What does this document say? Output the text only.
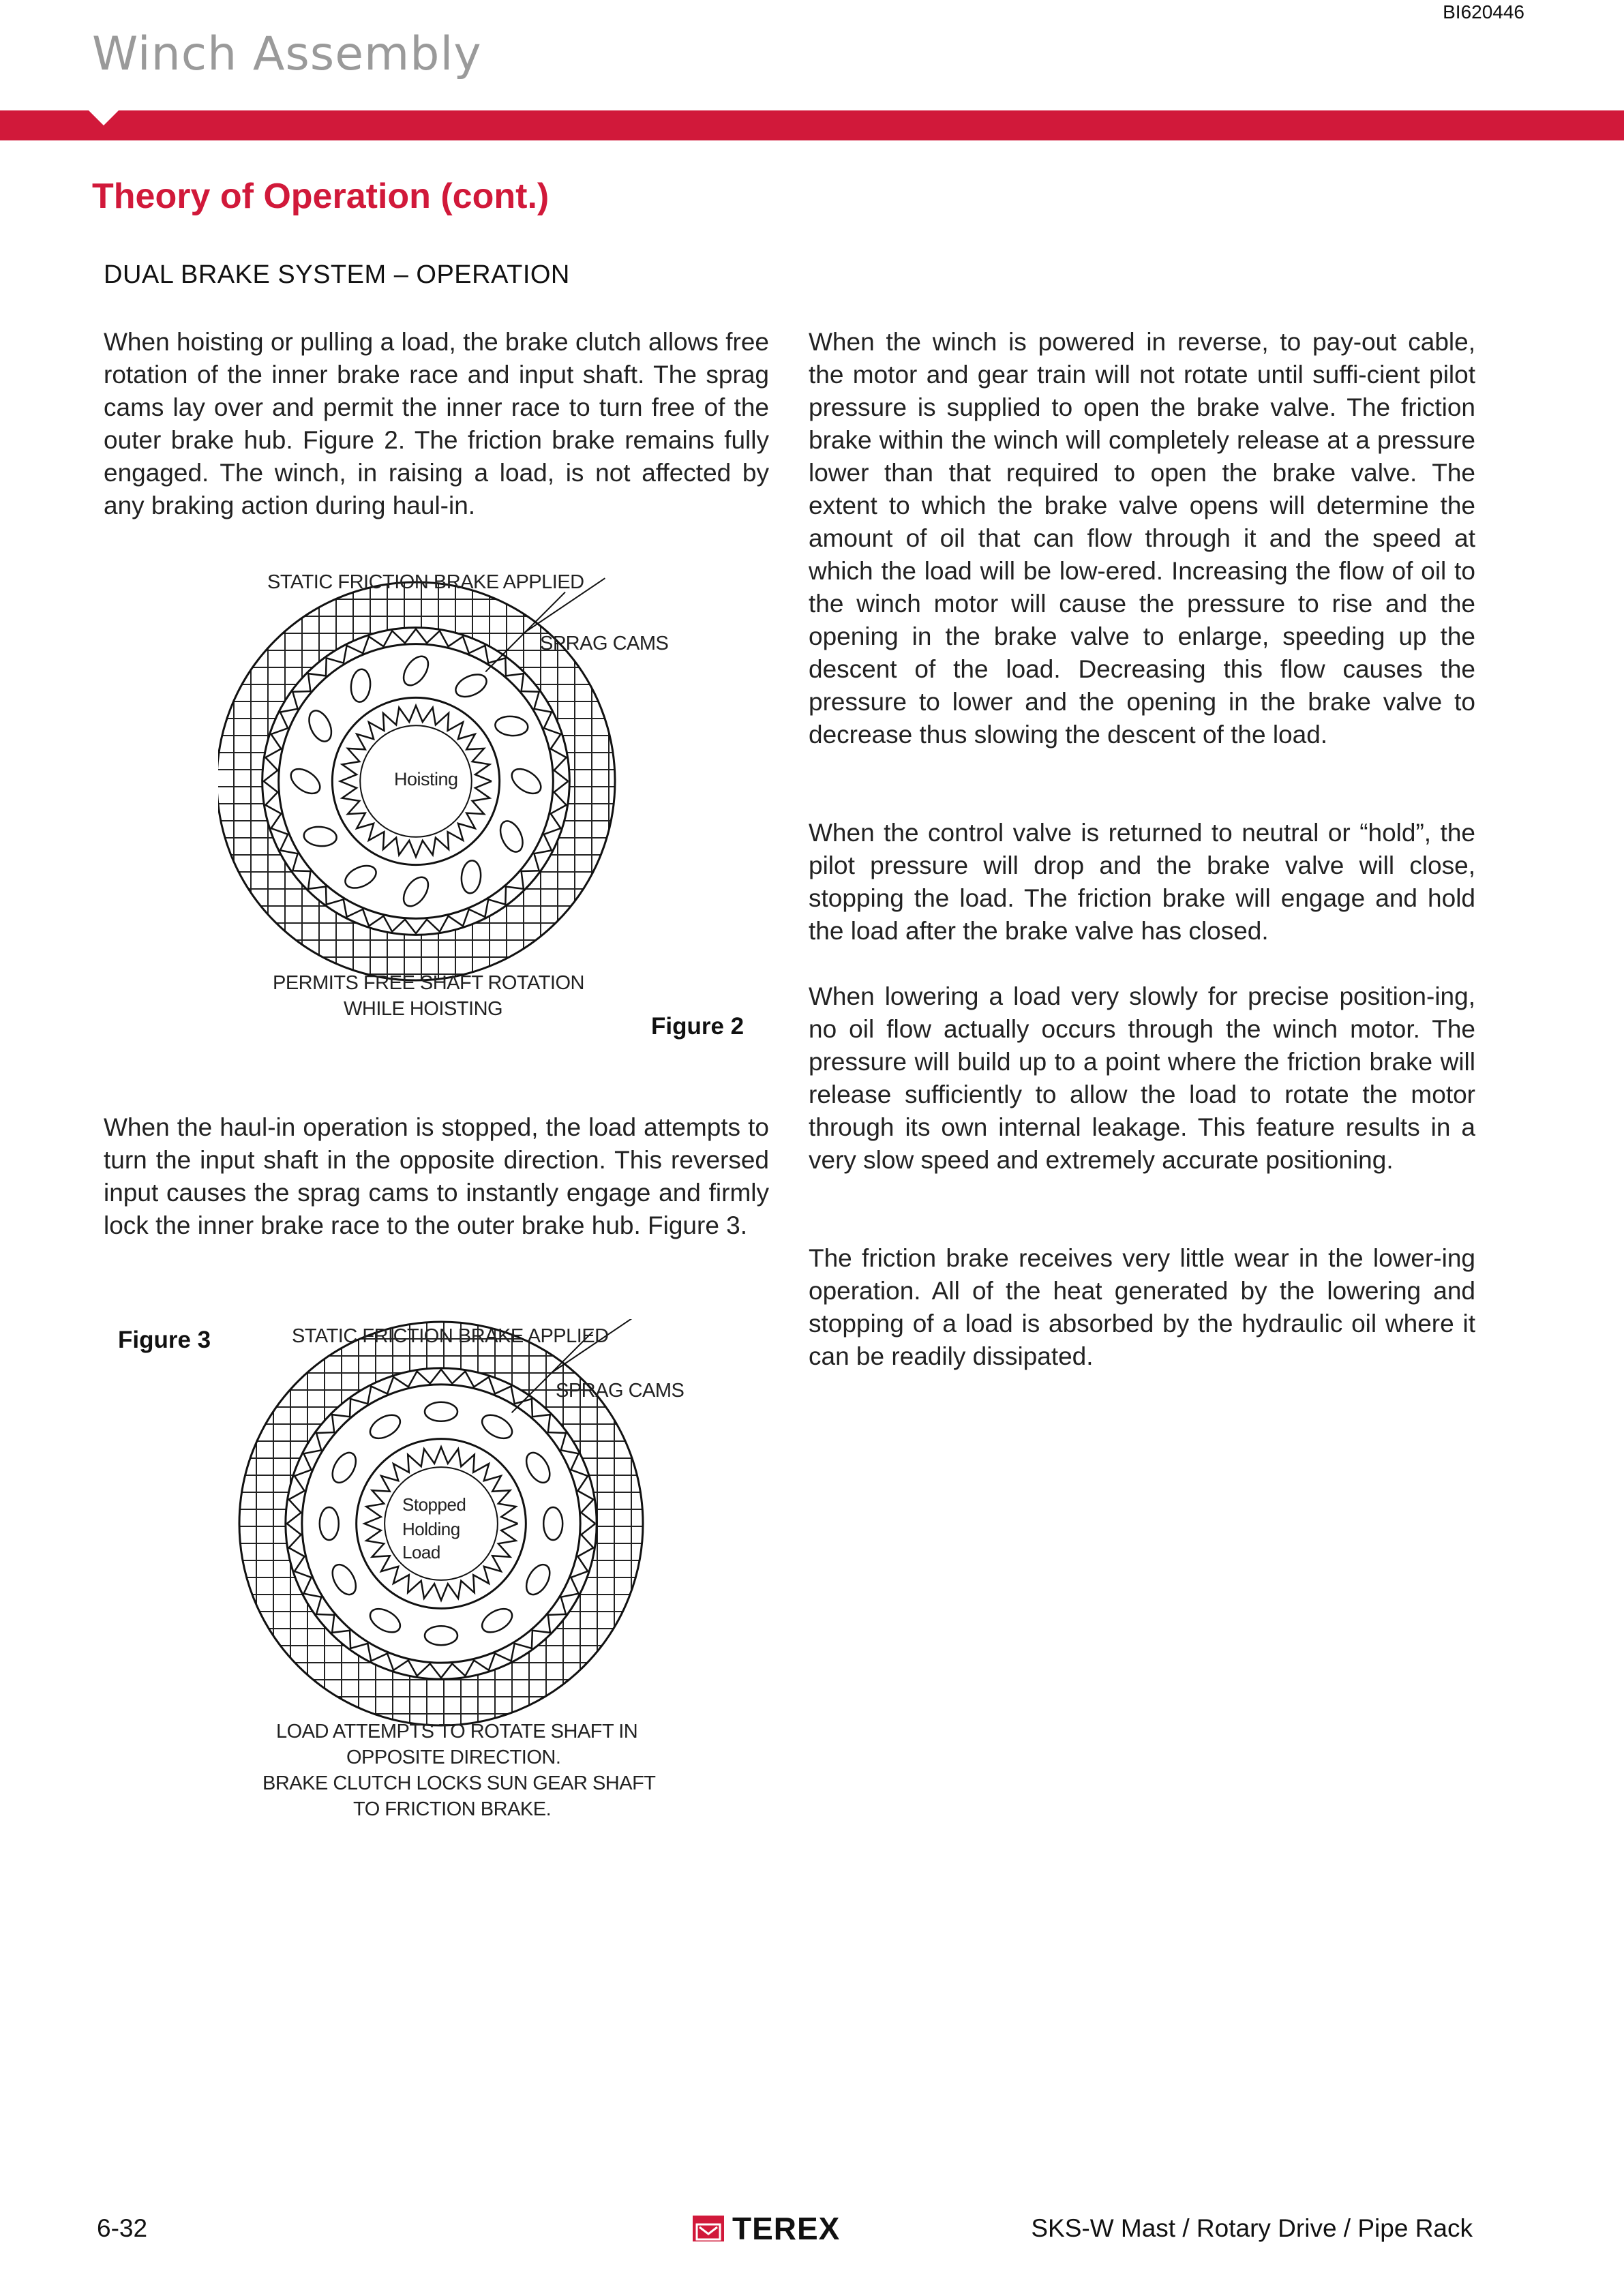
BI620446
Winch Assembly
Theory of Operation (cont.)
DUAL BRAKE SYSTEM – OPERATION

When hoisting or pulling a load, the brake clutch allows free rotation of the inner brake race and input shaft. The sprag cams lay over and permit the inner race to turn free of the outer brake hub. Figure 2. The friction brake remains fully engaged. The winch, in raising a load, is not affected by any braking action during haul-in.

STATIC FRICTION BRAKE APPLIED
SPRAG CAMS
Hoisting
PERMITS FREE SHAFT ROTATION
WHILE HOISTING
Figure 2

When the haul-in operation is stopped, the load attempts to turn the input shaft in the opposite direction. This reversed input causes the sprag cams to instantly engage and firmly lock the inner brake race to the outer brake hub. Figure 3.

Figure 3	STATIC FRICTION BRAKE APPLIED
SPRAG CAMS
Stopped
Holding
Load
LOAD ATTEMPTS TO ROTATE SHAFT IN
OPPOSITE DIRECTION.
BRAKE CLUTCH LOCKS SUN GEAR SHAFT
TO FRICTION BRAKE.

When the winch is powered in reverse, to pay-out cable, the motor and gear train will not rotate until suffi-cient pilot pressure is supplied to open the brake valve. The friction brake within the winch will completely release at a pressure lower than that required to open the brake valve. The extent to which the brake valve opens will determine the amount of oil that can flow through it and the speed at which the load will be low-ered. Increasing the flow of oil to the winch motor will cause the pressure to rise and the opening in the brake valve to enlarge, speeding up the descent of the load. Decreasing this flow causes the pressure to lower and the opening in the brake valve to decrease thus slowing the descent of the load.

When the control valve is returned to neutral or “hold”, the pilot pressure will drop and the brake valve will close, stopping the load. The friction brake will engage and hold the load after the brake valve has closed.

When lowering a load very slowly for precise position-ing, no oil flow actually occurs through the winch motor. The pressure will build up to a point where the friction brake will release sufficiently to allow the load to rotate the motor through its own internal leakage. This feature results in a very slow speed and extremely accurate positioning.

The friction brake receives very little wear in the lower-ing operation. All of the heat generated by the lowering and stopping of a load is absorbed by the hydraulic oil where it can be readily dissipated.

6-32	TEREX	SKS-W Mast / Rotary Drive / Pipe Rack
